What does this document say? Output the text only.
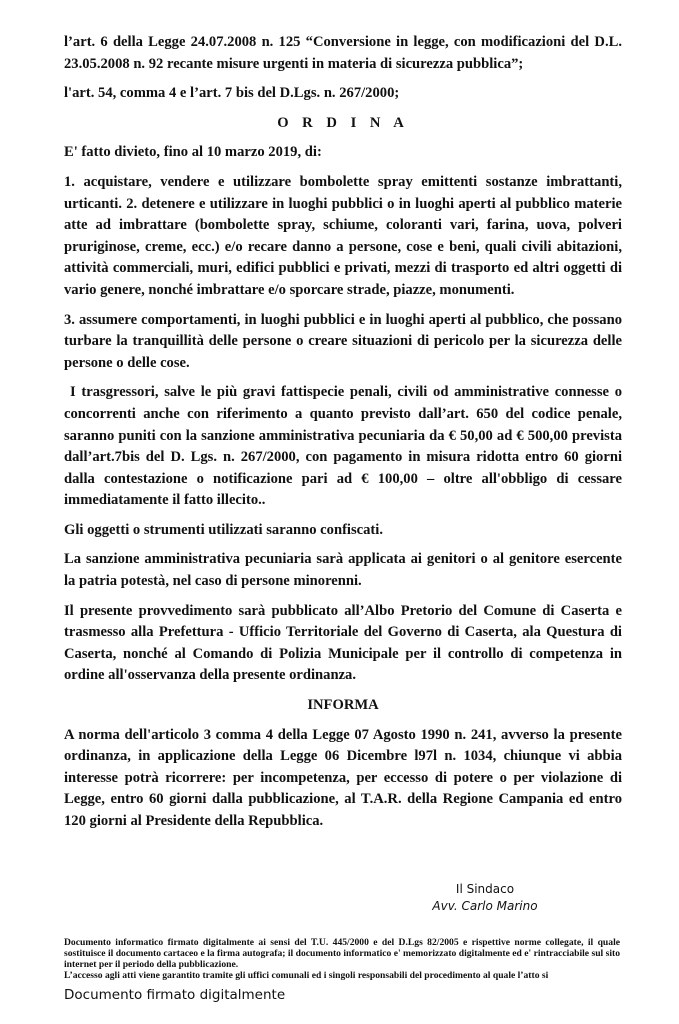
l’art. 6 della Legge 24.07.2008 n. 125 “Conversione in legge, con modificazioni del D.L. 23.05.2008 n. 92 recante misure urgenti in materia di sicurezza pubblica”;

l'art. 54, comma 4 e l’art. 7 bis del D.Lgs. n. 267/2000;

O R D I N A

E' fatto divieto, fino al 10 marzo 2019, di:

1. acquistare, vendere e utilizzare bombolette spray emittenti sostanze imbrattanti, urticanti. 2. detenere e utilizzare in luoghi pubblici o in luoghi aperti al pubblico materie atte ad imbrattare (bombolette spray, schiume, coloranti vari, farina, uova, polveri pruriginose, creme, ecc.) e/o recare danno a persone, cose e beni, quali civili abitazioni, attività commerciali, muri, edifici pubblici e privati, mezzi di trasporto ed altri oggetti di vario genere, nonché imbrattare e/o sporcare strade, piazze, monumenti.

3. assumere comportamenti, in luoghi pubblici e in luoghi aperti al pubblico, che possano turbare la tranquillità delle persone o creare situazioni di pericolo per la sicurezza delle persone o delle cose.

I trasgressori, salve le più gravi fattispecie penali, civili od amministrative connesse o concorrenti anche con riferimento a quanto previsto dall’art. 650 del codice penale, saranno puniti con la sanzione amministrativa pecuniaria da € 50,00 ad € 500,00 prevista dall’art.7bis del D. Lgs. n. 267/2000, con pagamento in misura ridotta entro 60 giorni dalla contestazione o notificazione pari ad € 100,00 – oltre all'obbligo di cessare immediatamente il fatto illecito..

Gli oggetti o strumenti utilizzati saranno confiscati.

La sanzione amministrativa pecuniaria sarà applicata ai genitori o al genitore esercente la patria potestà, nel caso di persone minorenni.

Il presente provvedimento sarà pubblicato all’Albo Pretorio del Comune di Caserta e trasmesso alla Prefettura - Ufficio Territoriale del Governo di Caserta, ala Questura di Caserta, nonché al Comando di Polizia Municipale per il controllo di competenza in ordine all'osservanza della presente ordinanza.

INFORMA

A norma dell'articolo 3 comma 4 della Legge 07 Agosto 1990 n. 241, avverso la presente ordinanza, in applicazione della Legge 06 Dicembre l97l n. 1034, chiunque vi abbia interesse potrà ricorrere: per incompetenza, per eccesso di potere o per violazione di Legge, entro 60 giorni dalla pubblicazione, al T.A.R. della Regione Campania ed entro 120 giorni al Presidente della Repubblica.

Il Sindaco
Avv. Carlo Marino

Documento informatico firmato digitalmente ai sensi del T.U. 445/2000 e del D.Lgs 82/2005 e rispettive norme collegate, il quale sostituisce il documento cartaceo e la firma autografa; il documento informatico e' memorizzato digitalmente ed e' rintracciabile sul sito internet per il periodo della pubblicazione.

L’accesso agli atti viene garantito tramite gli uffici comunali ed i singoli responsabili del procedimento al quale l’atto si

Documento firmato digitalmente
